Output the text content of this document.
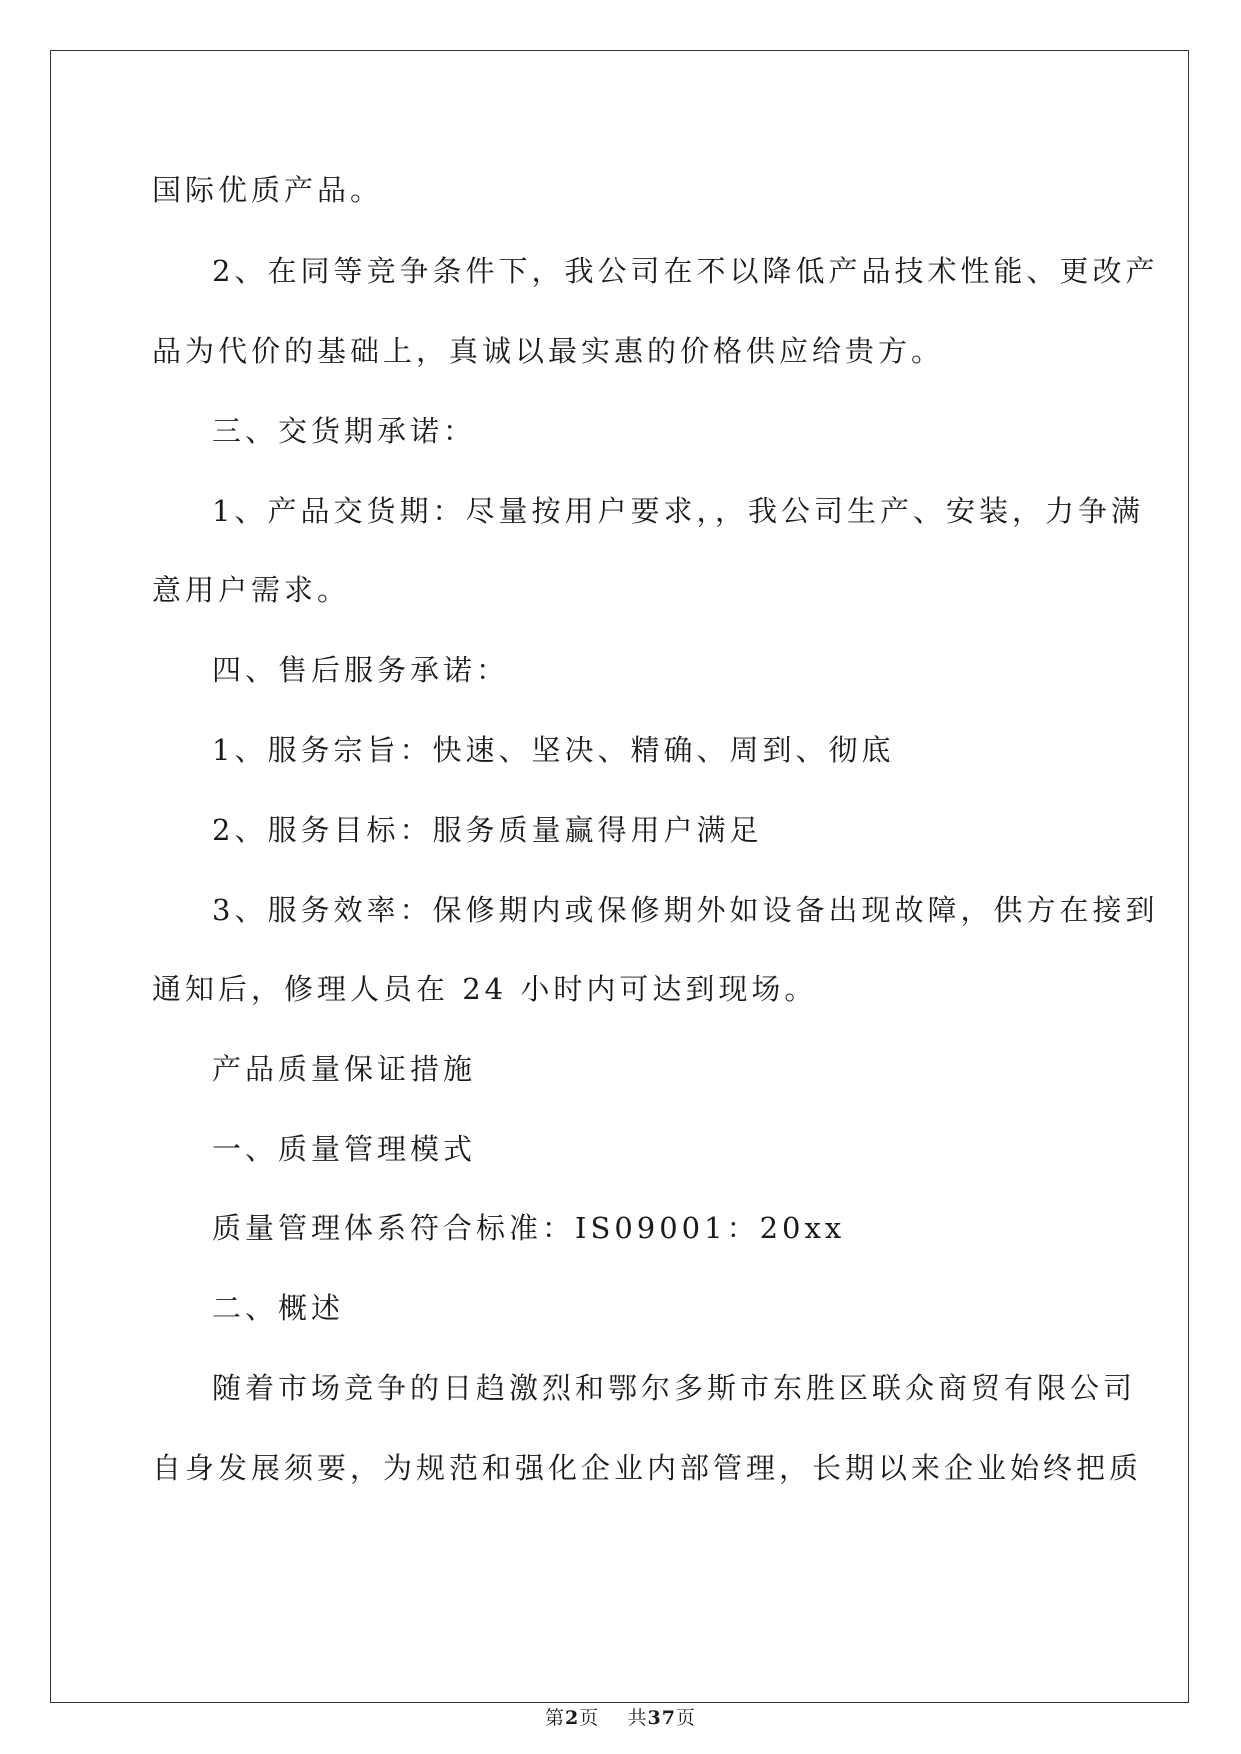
国际优质产品。
2、在同等竞争条件下，我公司在不以降低产品技术性能、更改产
品为代价的基础上，真诚以最实惠的价格供应给贵方。
三、交货期承诺：
1、产品交货期：尽量按用户要求，，我公司生产、安装，力争满
意用户需求。
四、售后服务承诺：
1、服务宗旨：快速、坚决、精确、周到、彻底
2、服务目标：服务质量赢得用户满足
3、服务效率：保修期内或保修期外如设备出现故障，供方在接到
通知后，修理人员在 24 小时内可达到现场。
产品质量保证措施
一、质量管理模式
质量管理体系符合标准：IS09001：20xx
二、概述
随着市场竞争的日趋激烈和鄂尔多斯市东胜区联众商贸有限公司
自身发展须要，为规范和强化企业内部管理，长期以来企业始终把质
第2页 共37页
